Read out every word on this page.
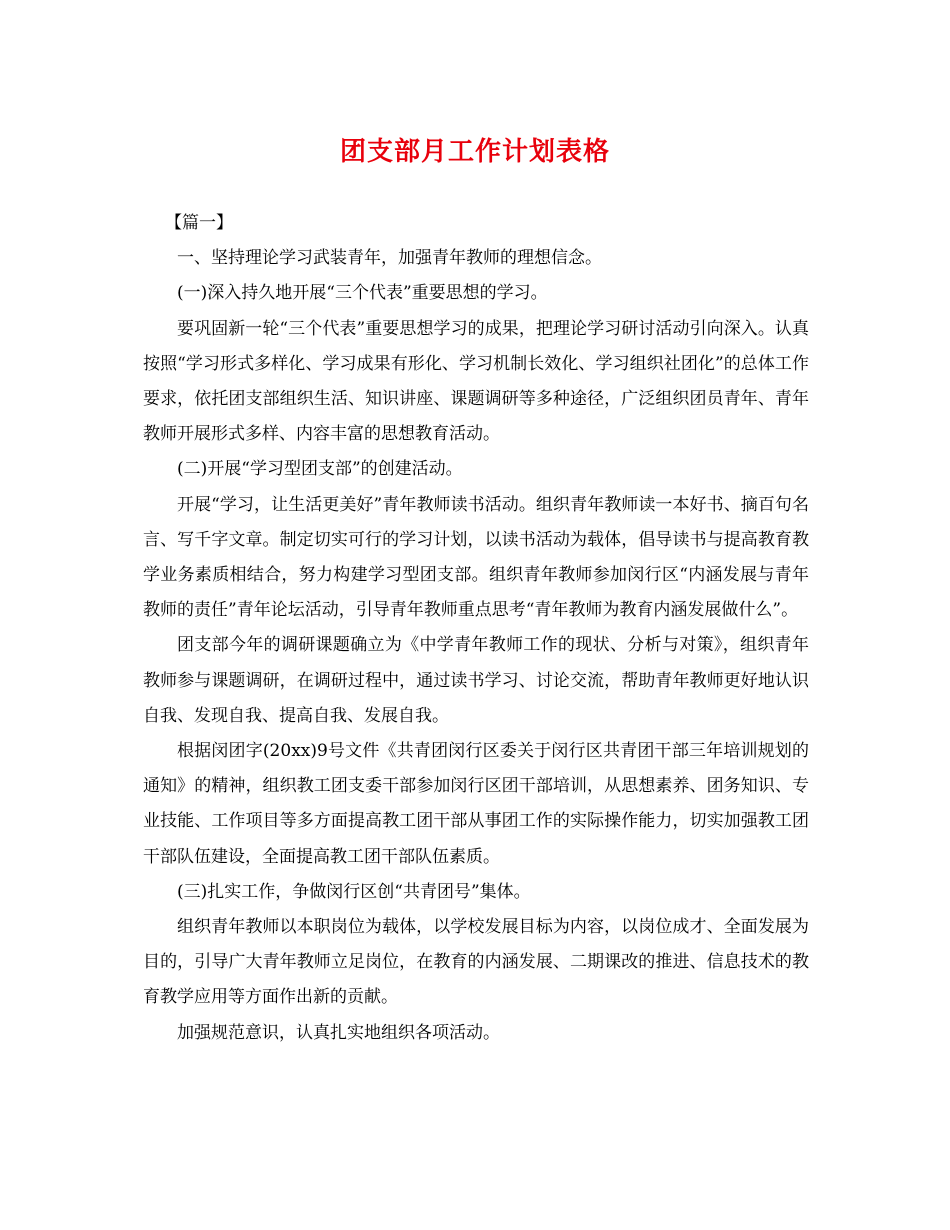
团支部月工作计划表格

【篇一】

一、坚持理论学习武装青年，加强青年教师的理想信念。

(一)深入持久地开展“三个代表”重要思想的学习。

要巩固新一轮“三个代表”重要思想学习的成果，把理论学习研讨活动引向深入。认真按照“学习形式多样化、学习成果有形化、学习机制长效化、学习组织社团化”的总体工作要求，依托团支部组织生活、知识讲座、课题调研等多种途径，广泛组织团员青年、青年教师开展形式多样、内容丰富的思想教育活动。

(二)开展“学习型团支部”的创建活动。

开展“学习，让生活更美好”青年教师读书活动。组织青年教师读一本好书、摘百句名言、写千字文章。制定切实可行的学习计划，以读书活动为载体，倡导读书与提高教育教学业务素质相结合，努力构建学习型团支部。组织青年教师参加闵行区“内涵发展与青年教师的责任”青年论坛活动，引导青年教师重点思考“青年教师为教育内涵发展做什么”。

团支部今年的调研课题确立为《中学青年教师工作的现状、分析与对策》，组织青年教师参与课题调研，在调研过程中，通过读书学习、讨论交流，帮助青年教师更好地认识自我、发现自我、提高自我、发展自我。

根据闵团字(20xx)9号文件《共青团闵行区委关于闵行区共青团干部三年培训规划的通知》的精神，组织教工团支委干部参加闵行区团干部培训，从思想素养、团务知识、专业技能、工作项目等多方面提高教工团干部从事团工作的实际操作能力，切实加强教工团干部队伍建设，全面提高教工团干部队伍素质。

(三)扎实工作，争做闵行区创“共青团号”集体。

组织青年教师以本职岗位为载体，以学校发展目标为内容，以岗位成才、全面发展为目的，引导广大青年教师立足岗位，在教育的内涵发展、二期课改的推进、信息技术的教育教学应用等方面作出新的贡献。

加强规范意识，认真扎实地组织各项活动。
